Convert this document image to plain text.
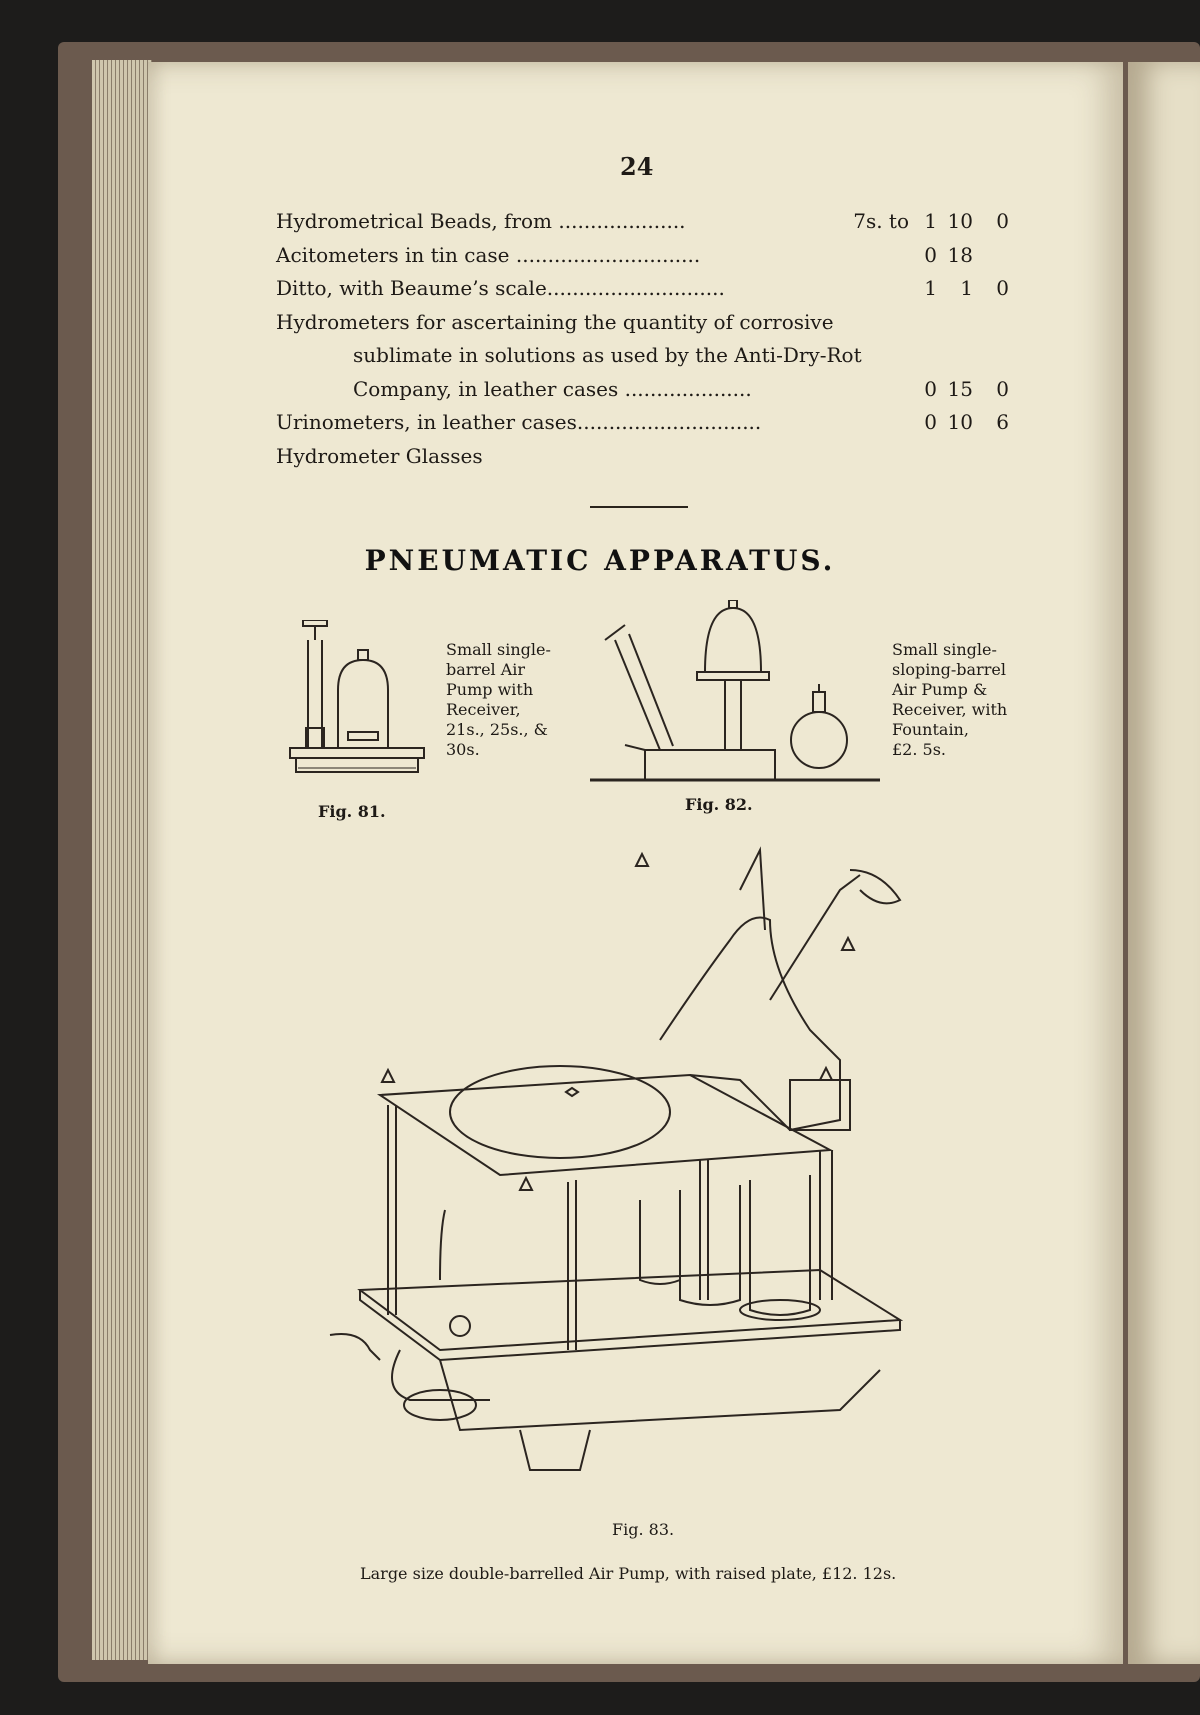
24
Hydrometrical Beads, from ....................	7s. to 1 10	0
Acitometers in tin case .............................	0 18
Ditto, with Beaume’s scale............................	1	1	0
Hydrometers for ascertaining the quantity of corrosive
sublimate in solutions as used by the Anti-Dry-Rot
Company, in leather cases ....................	0 15	0
Urinometers, in leather cases.............................	0 10	6
Hydrometer Glasses
PNEUMATIC APPARATUS.
Small single-
barrel Air
Pump with
Receiver,
21s., 25s., &
30s.
Fig. 81.
Small single-
sloping-barrel
Air Pump &
Receiver, with
Fountain,
£2. 5s.
Fig. 82.
Fig. 83.
Large size double-barrelled Air Pump, with raised plate, £12. 12s.
